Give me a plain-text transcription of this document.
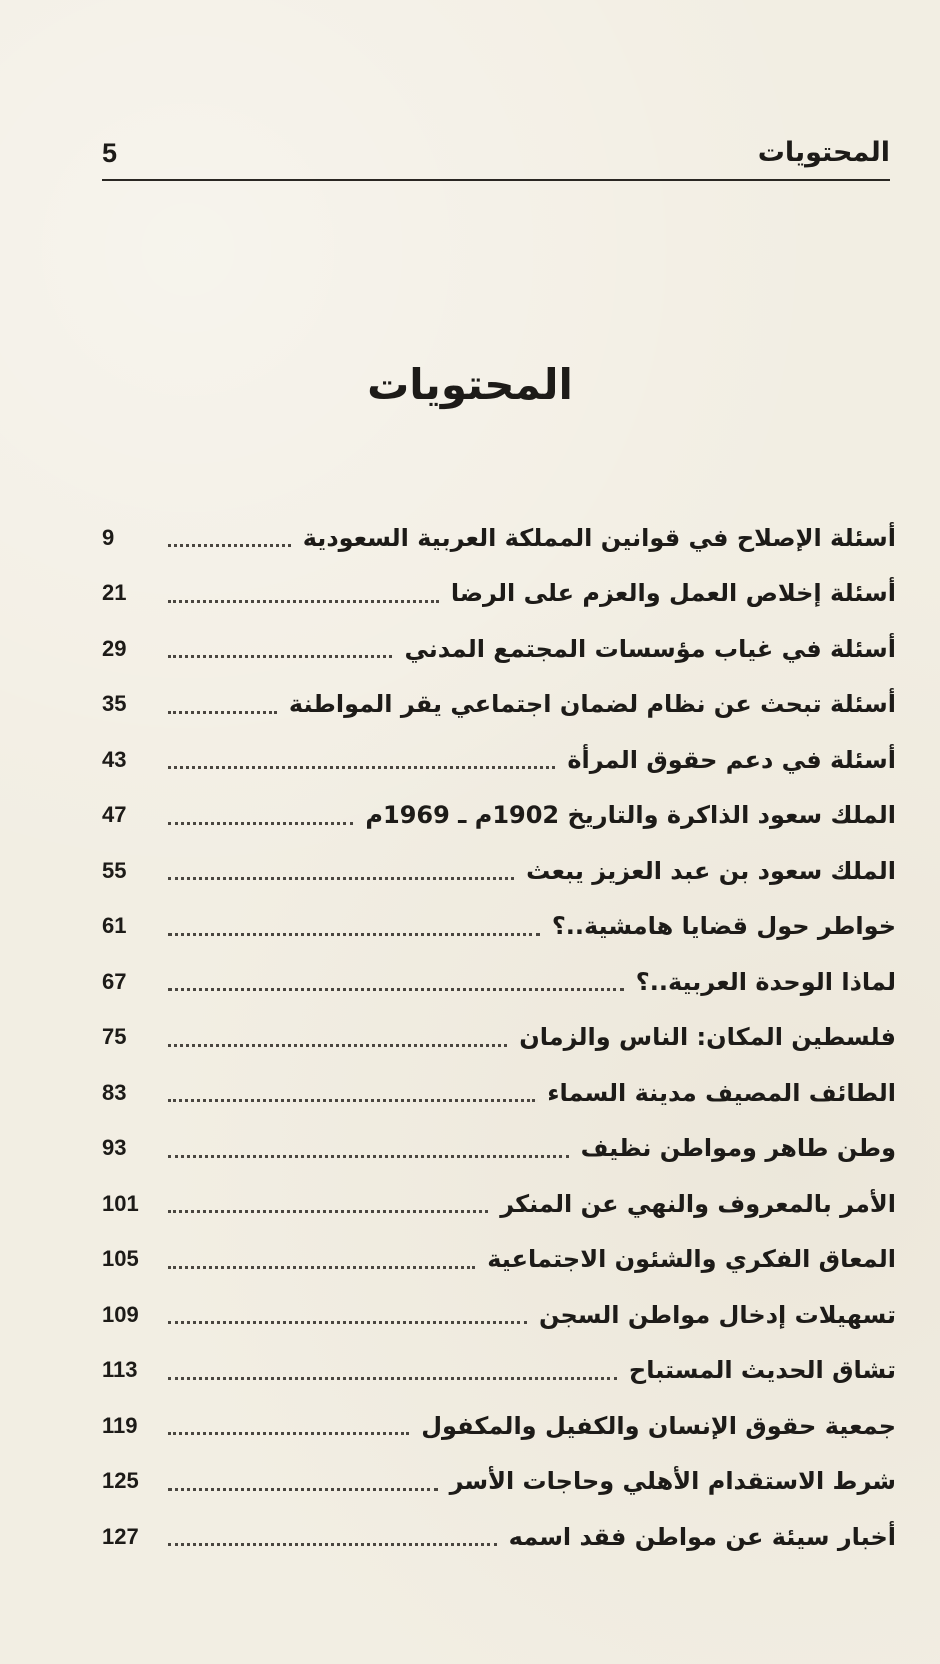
المحتويات
5
المحتويات
أسئلة الإصلاح في قوانين المملكة العربية السعودية
9
أسئلة إخلاص العمل والعزم على الرضا
21
أسئلة في غياب مؤسسات المجتمع المدني
29
أسئلة تبحث عن نظام لضمان اجتماعي يقر المواطنة
35
أسئلة في دعم حقوق المرأة
43
الملك سعود الذاكرة والتاريخ 1902م ـ 1969م
47
الملك سعود بن عبد العزيز يبعث
55
خواطر حول قضايا هامشية..؟
61
لماذا الوحدة العربية..؟
67
فلسطين المكان: الناس والزمان
75
الطائف المصيف مدينة السماء
83
وطن طاهر ومواطن نظيف
93
الأمر بالمعروف والنهي عن المنكر
101
المعاق الفكري والشئون الاجتماعية
105
تسهيلات إدخال مواطن السجن
109
تشاق الحديث المستباح
113
جمعية حقوق الإنسان والكفيل والمكفول
119
شرط الاستقدام الأهلي وحاجات الأسر
125
أخبار سيئة عن مواطن فقد اسمه
127
